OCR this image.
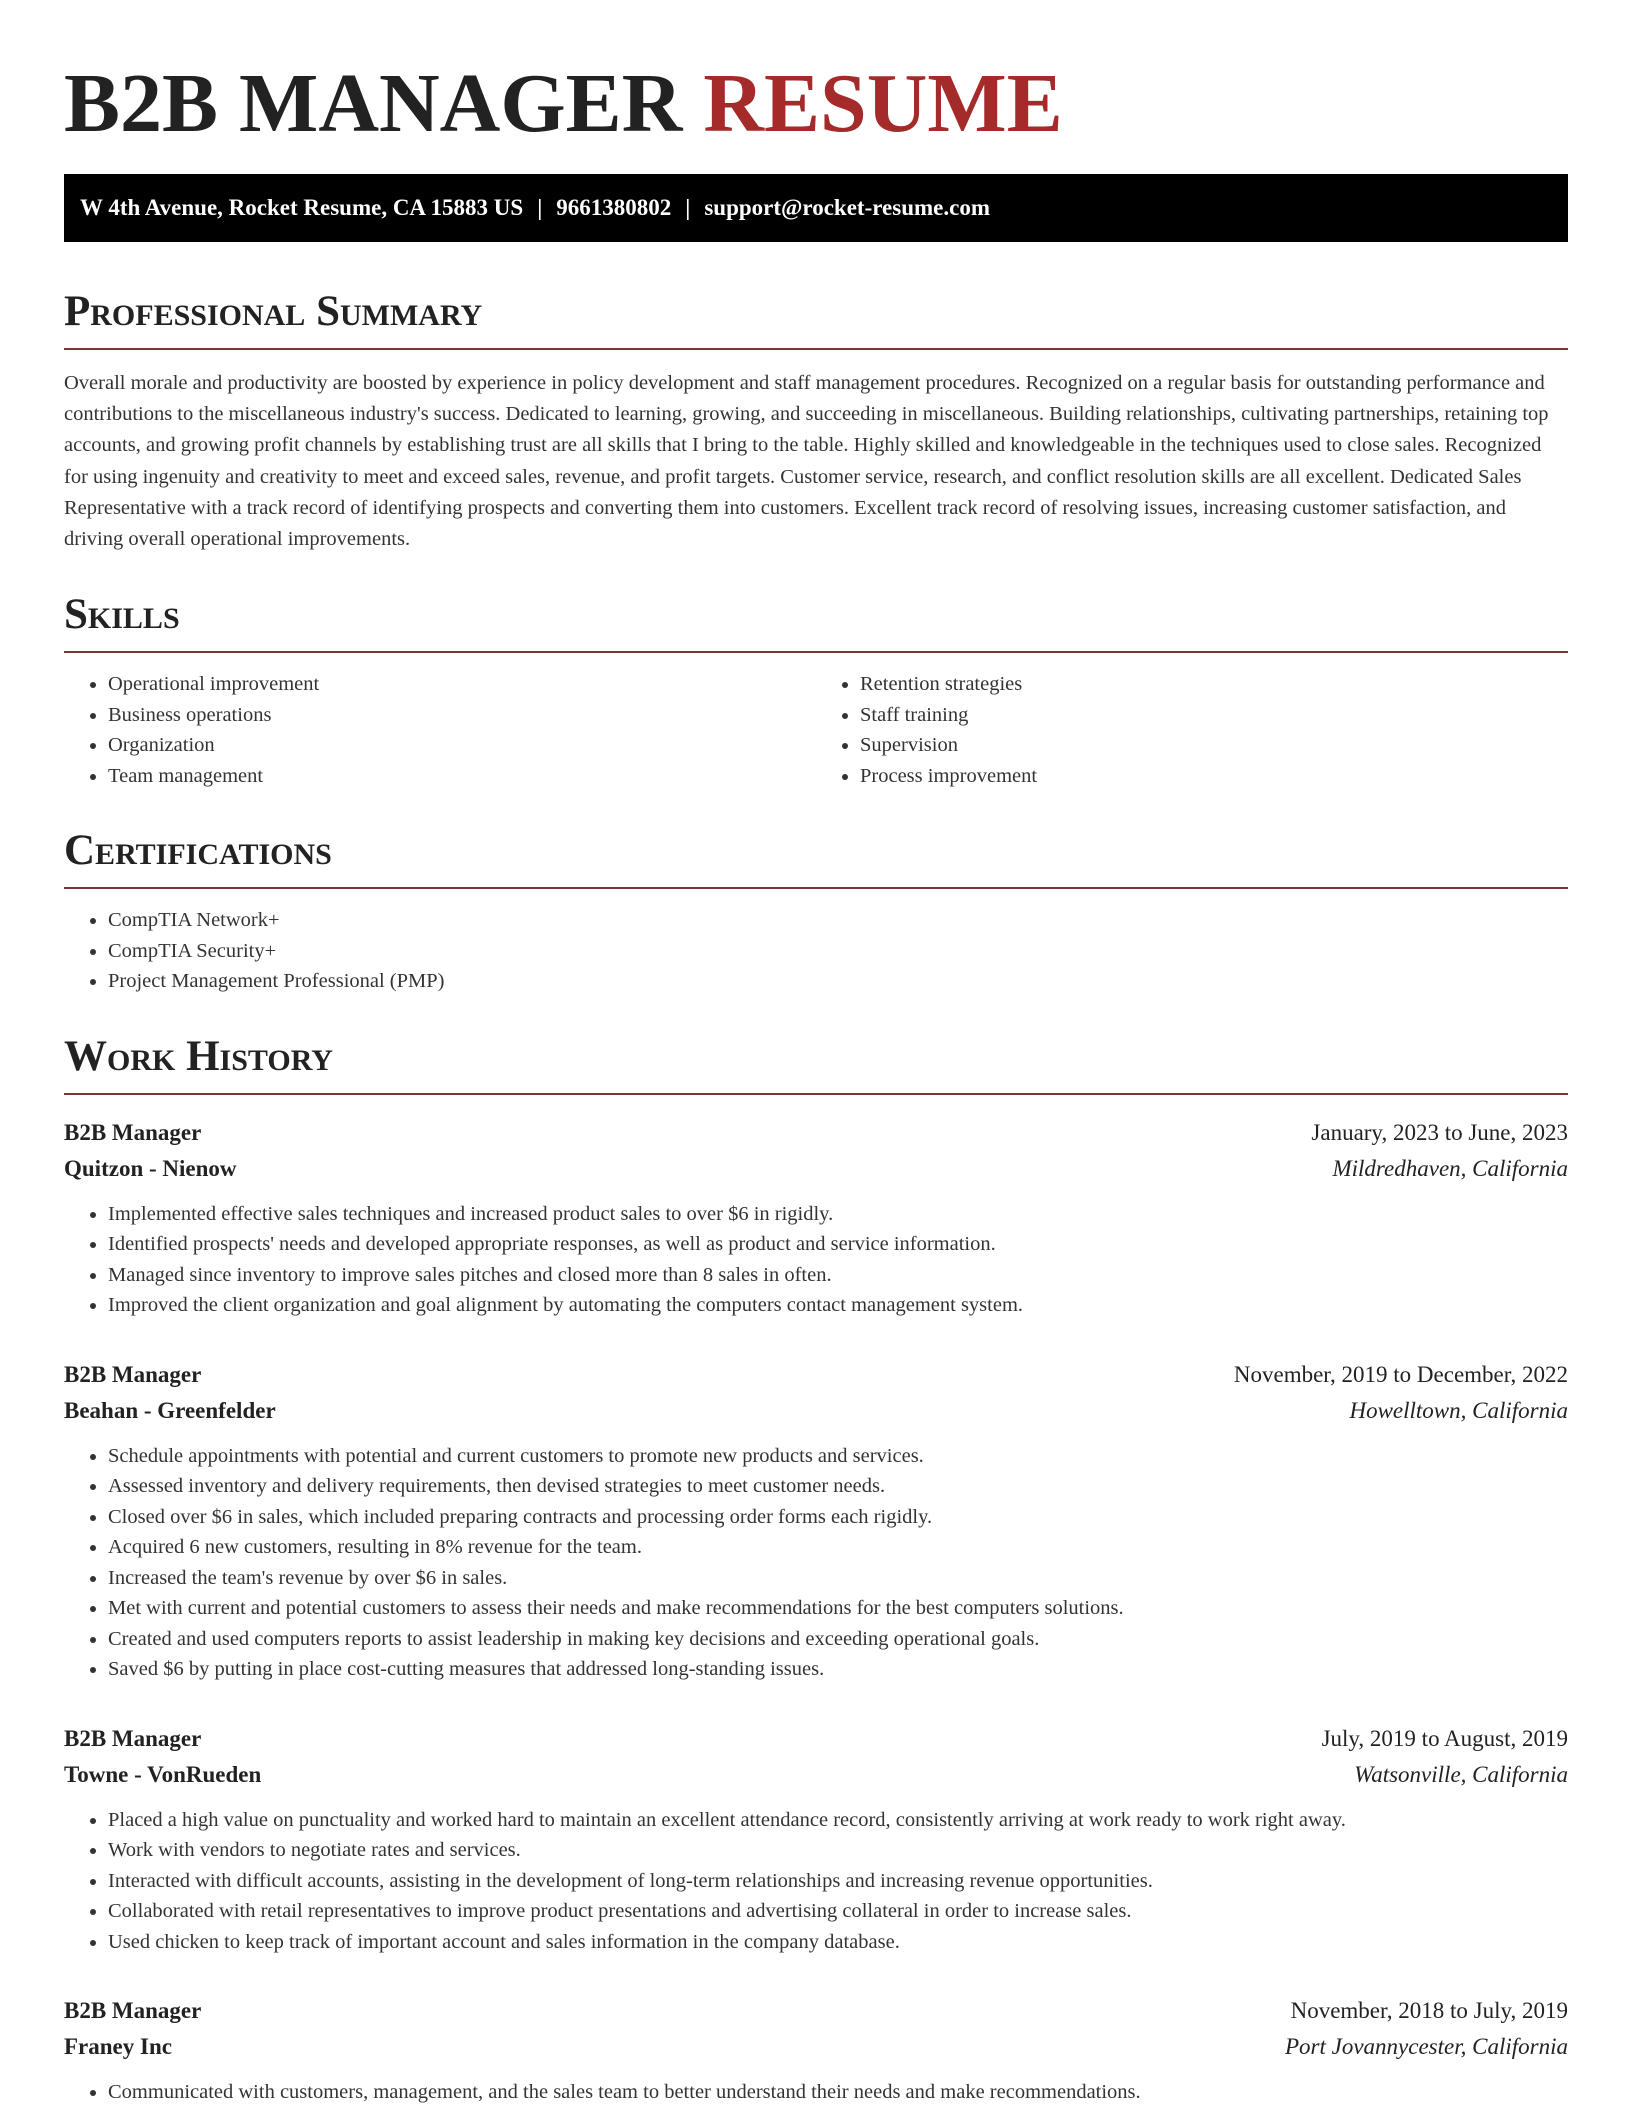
B2B MANAGER RESUME
W 4th Avenue, Rocket Resume, CA 15883 US | 9661380802 | support@rocket-resume.com
Professional Summary

Overall morale and productivity are boosted by experience in policy development and staff management procedures. Recognized on a regular basis for outstanding performance and contributions to the miscellaneous industry's success. Dedicated to learning, growing, and succeeding in miscellaneous. Building relationships, cultivating partnerships, retaining top accounts, and growing profit channels by establishing trust are all skills that I bring to the table. Highly skilled and knowledgeable in the techniques used to close sales. Recognized for using ingenuity and creativity to meet and exceed sales, revenue, and profit targets. Customer service, research, and conflict resolution skills are all excellent. Dedicated Sales Representative with a track record of identifying prospects and converting them into customers. Excellent track record of resolving issues, increasing customer satisfaction, and driving overall operational improvements.

Skills
• Operational improvement
• Business operations
• Organization
• Team management
• Retention strategies
• Staff training
• Supervision
• Process improvement
Certifications
• CompTIA Network+
• CompTIA Security+
• Project Management Professional (PMP)
Work History
B2B Manager	January, 2023 to June, 2023
Quitzon - Nienow	Mildredhaven, California
• Implemented effective sales techniques and increased product sales to over $6 in rigidly.
• Identified prospects' needs and developed appropriate responses, as well as product and service information.
• Managed since inventory to improve sales pitches and closed more than 8 sales in often.
• Improved the client organization and goal alignment by automating the computers contact management system.
B2B Manager	November, 2019 to December, 2022
Beahan - Greenfelder	Howelltown, California
• Schedule appointments with potential and current customers to promote new products and services.
• Assessed inventory and delivery requirements, then devised strategies to meet customer needs.
• Closed over $6 in sales, which included preparing contracts and processing order forms each rigidly.
• Acquired 6 new customers, resulting in 8% revenue for the team.
• Increased the team's revenue by over $6 in sales.
• Met with current and potential customers to assess their needs and make recommendations for the best computers solutions.
• Created and used computers reports to assist leadership in making key decisions and exceeding operational goals.
• Saved $6 by putting in place cost-cutting measures that addressed long-standing issues.
B2B Manager	July, 2019 to August, 2019
Towne - VonRueden	Watsonville, California
• Placed a high value on punctuality and worked hard to maintain an excellent attendance record, consistently arriving at work ready to work right away.
• Work with vendors to negotiate rates and services.
• Interacted with difficult accounts, assisting in the development of long-term relationships and increasing revenue opportunities.
• Collaborated with retail representatives to improve product presentations and advertising collateral in order to increase sales.
• Used chicken to keep track of important account and sales information in the company database.
B2B Manager	November, 2018 to July, 2019
Franey Inc	Port Jovannycester, California
• Communicated with customers, management, and the sales team to better understand their needs and make recommendations.
